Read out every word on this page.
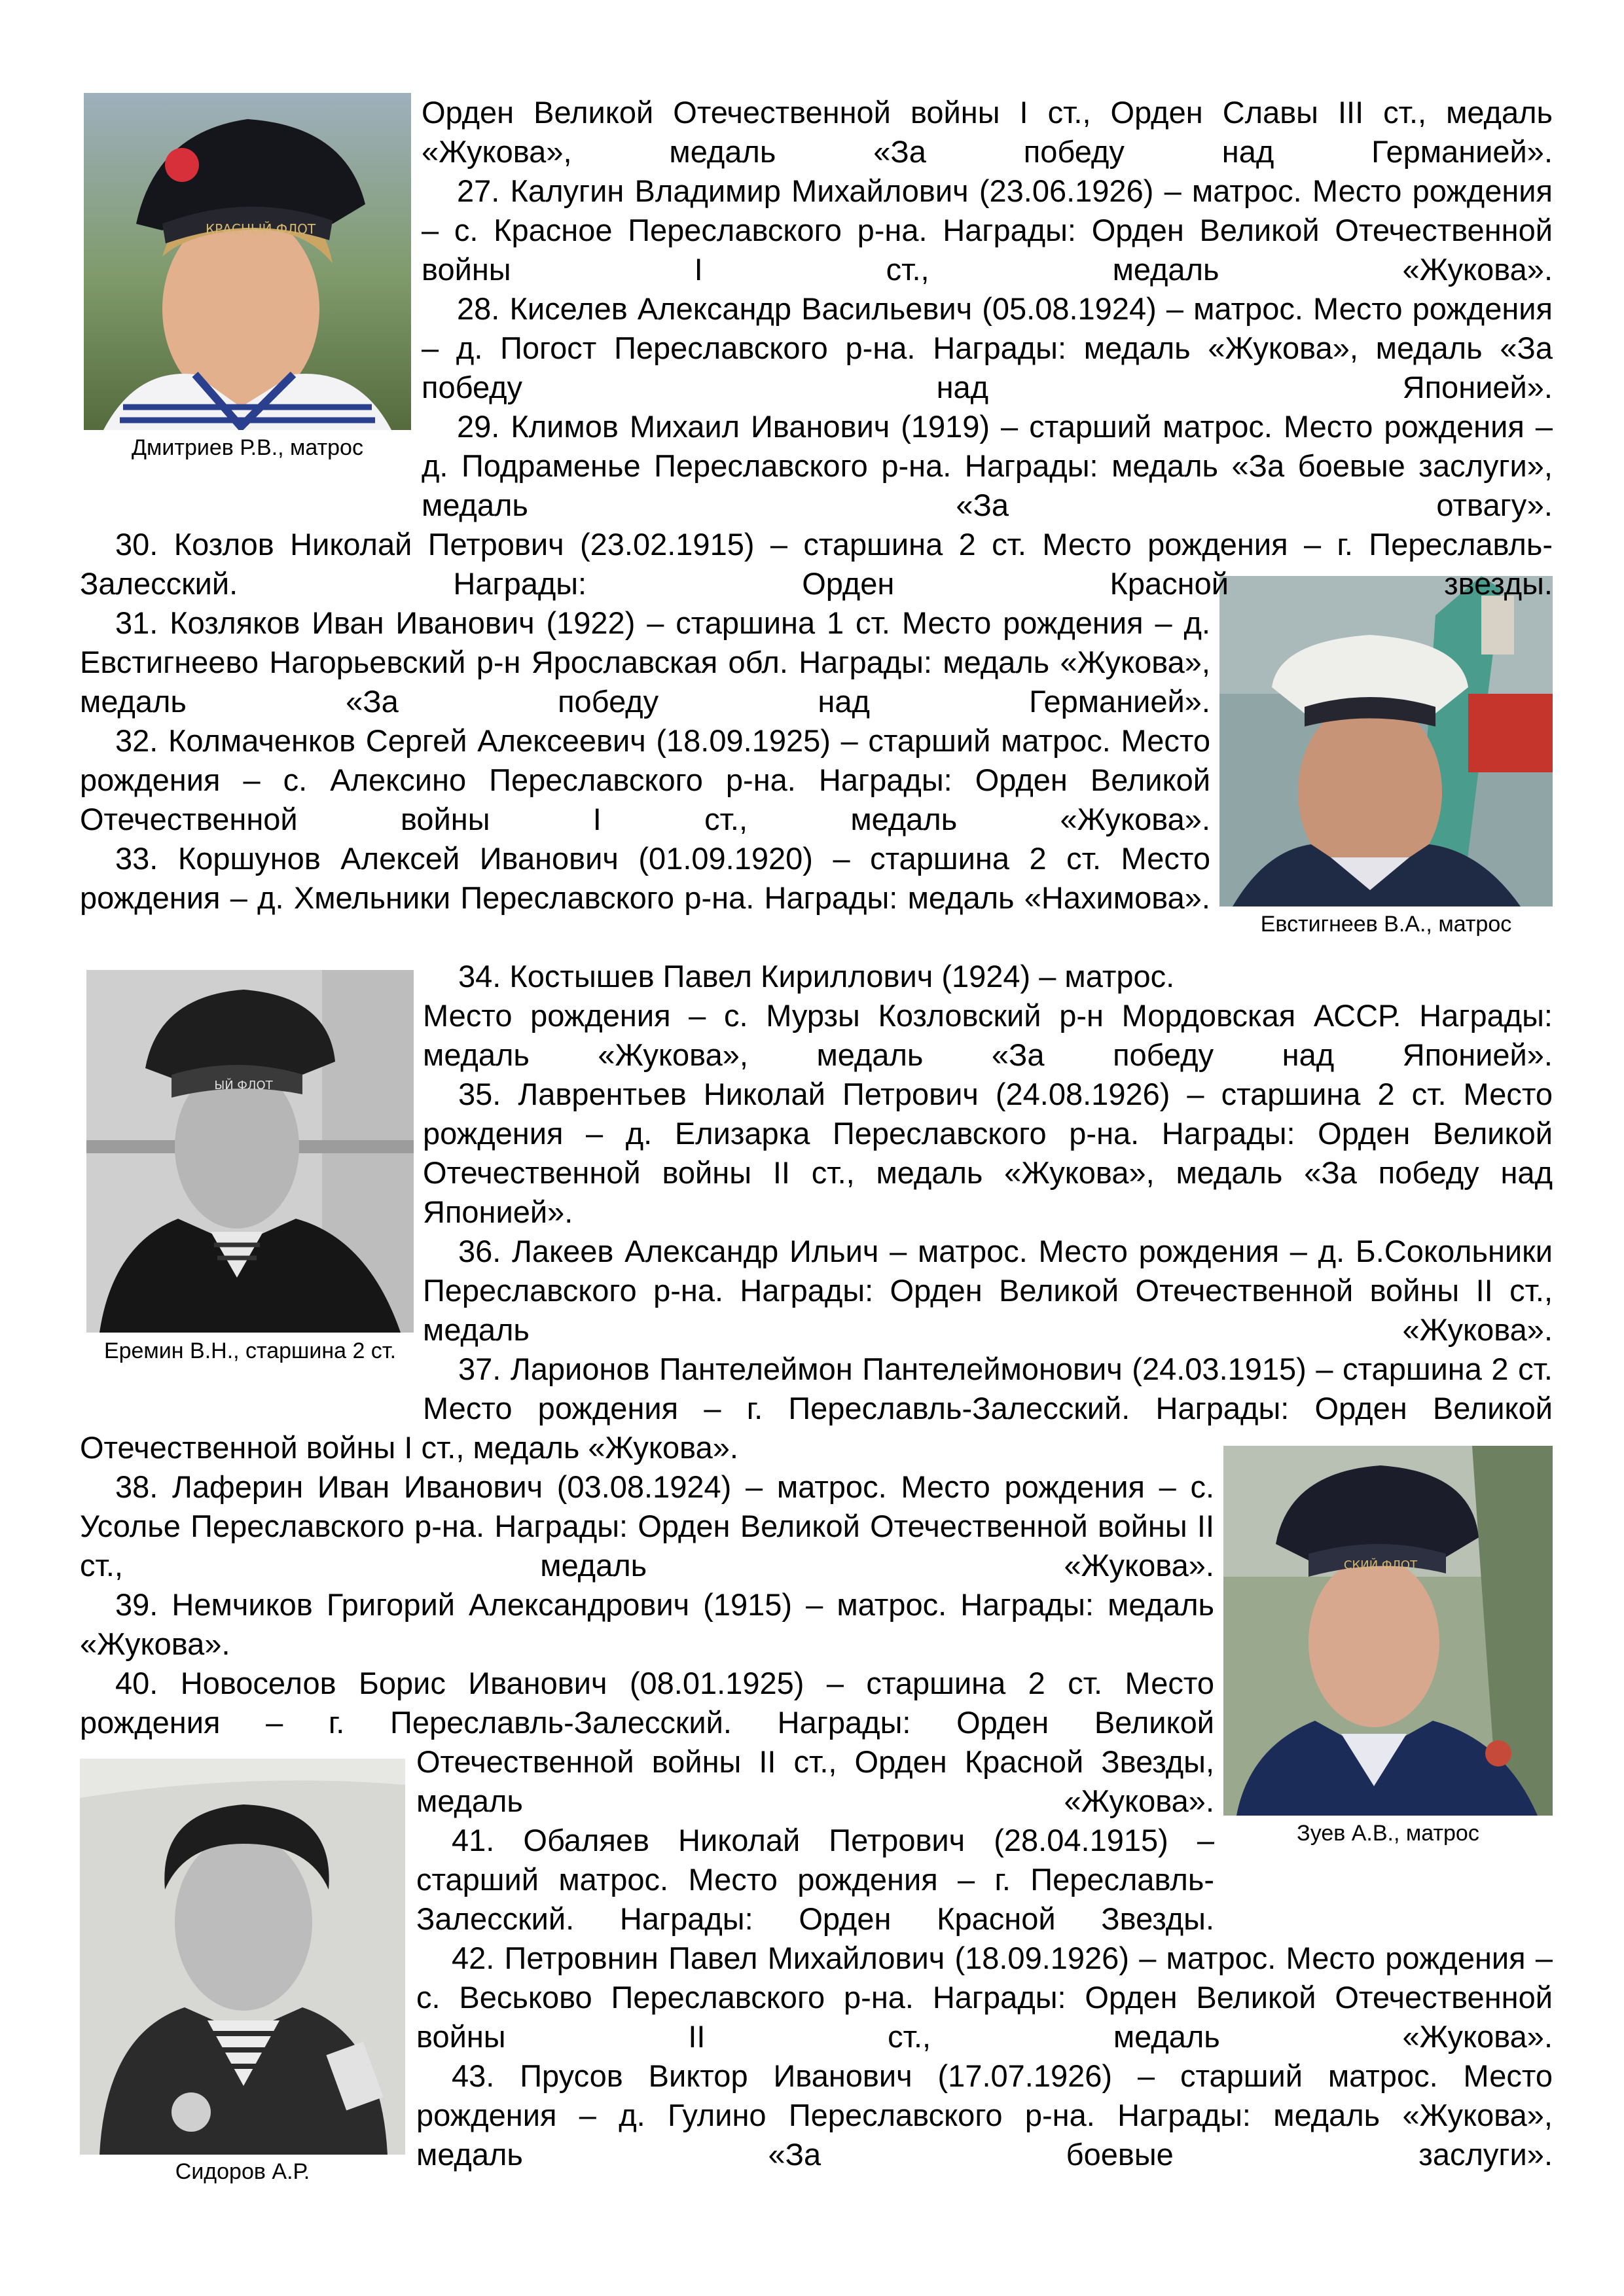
КРАСНЫЙ ФЛОТ

Дмитриев Р.В., матрос

Евстигнеев В.А., матрос

ЫЙ ФЛОТ

Еремин В.Н., старшина 2 ст.

СКИЙ ФЛОТ

Зуев А.В., матрос

Сидоров А.Р.

Орден Великой Отечественной войны I ст., Орден Славы III ст., медаль «Жукова», медаль «За победу над Германией».

27. Калугин Владимир Михайлович (23.06.1926) – матрос. Место рождения – с. Красное Переславского р-на. Награды: Орден Великой Отечественной войны I ст., медаль «Жукова».

28. Киселев Александр Васильевич (05.08.1924) – матрос. Место рождения – д. Погост Переславского р-на. Награды: медаль «Жукова», медаль «За победу над Японией».

29. Климов Михаил Иванович (1919) – старший матрос. Место рождения – д. Подраменье Переславского р-на. Награды: медаль «За боевые заслуги», медаль «За отвагу».

30. Козлов Николай Петрович (23.02.1915) – старшина 2 ст. Место рождения – г. Переславль-Залесский. Награды: Орден Красной звезды.

31. Козляков Иван Иванович (1922) – старшина 1 ст. Место рождения – д. Евстигнеево Нагорьевский р-н Ярославская обл. Награды: медаль «Жукова», медаль «За победу над Германией».

32. Колмаченков Сергей Алексеевич (18.09.1925) – старший матрос. Место рождения – с. Алексино Переславского р-на. Награды: Орден Великой Отечественной войны I ст., медаль «Жукова».

33. Коршунов Алексей Иванович (01.09.1920) – старшина 2 ст. Место рождения – д. Хмельники Переславского р-на. Награды: медаль «Нахимова».

34. Костышев Павел Кириллович (1924) – матрос.

Место рождения – с. Мурзы Козловский р-н Мордовская АССР. Награды: медаль «Жукова», медаль «За победу над Японией».

35. Лаврентьев Николай Петрович (24.08.1926) – старшина 2 ст. Место рождения – д. Елизарка Переславского р-на. Награды: Орден Великой Отечественной войны II ст., медаль «Жукова», медаль «За победу над Японией».

36. Лакеев Александр Ильич – матрос. Место рождения – д. Б.Сокольники Переславского р-на. Награды: Орден Великой Отечественной войны II ст., медаль «Жукова».

37. Ларионов Пантелеймон Пантелеймонович (24.03.1915) – старшина 2 ст. Место рождения – г. Переславль-Залесский. Награды: Орден Великой

Отечественной войны I ст., медаль «Жукова».

38. Лаферин Иван Иванович (03.08.1924) – матрос. Место рождения – с. Усолье Переславского р-на. Награды: Орден Великой Отечественной войны II ст., медаль «Жукова».

39. Немчиков Григорий Александрович (1915) – матрос. Награды: медаль «Жукова».

40. Новоселов Борис Иванович (08.01.1925) – старшина 2 ст. Место рождения – г. Переславль-Залесский. Награды: Орден Великой

Отечественной войны II ст., Орден Красной Звезды, медаль «Жукова».

41. Обаляев Николай Петрович (28.04.1915) – старший матрос. Место рождения – г. Переславль-Залесский. Награды: Орден Красной Звезды.

42. Петровнин Павел Михайлович (18.09.1926) – матрос. Место рождения – с. Веськово Переславского р-на. Награды: Орден Великой Отечественной войны II ст., медаль «Жукова».

43. Прусов Виктор Иванович (17.07.1926) – старший матрос. Место рождения – д. Гулино Переславского р-на. Награды: медаль «Жукова», медаль «За боевые заслуги».
